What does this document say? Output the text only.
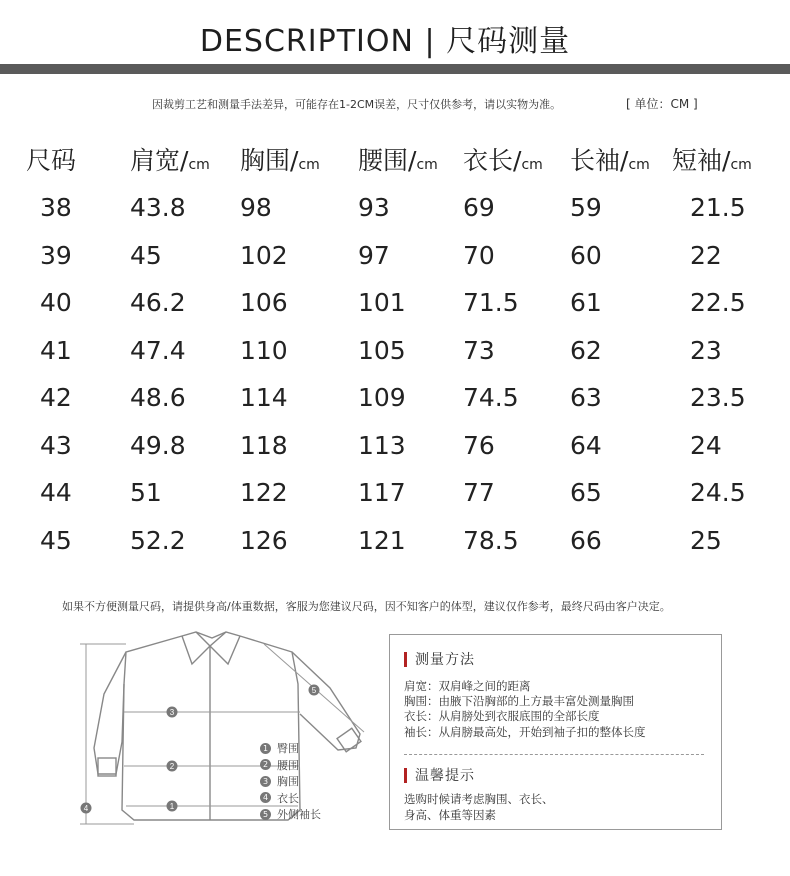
DESCRIPTION | 尺码测量
因裁剪工艺和测量手法差异，可能存在1-2CM误差，尺寸仅供参考，请以实物为准。	[ 单位：CM ]
尺码	肩宽/cm	胸围/cm	腰围/cm	衣长/cm	长袖/cm	短袖/cm
38	43.8	98	93	69	59	21.5
39	45	102	97	70	60	22
40	46.2	106	101	71.5	61	22.5
41	47.4	110	105	73	62	23
42	48.6	114	109	74.5	63	23.5
43	49.8	118	113	76	64	24
44	51	122	117	77	65	24.5
45	52.2	126	121	78.5	66	25
如果不方便测量尺码，请提供身高/体重数据，客服为您建议尺码，因不知客户的体型，建议仅作参考，最终尺码由客户决定。
1
2
3
4
5
1 臀围
2 腰围
3 胸围
4 衣长
5 外侧袖长
测量方法
肩宽：双肩峰之间的距离
胸围：由腋下沿胸部的上方最丰富处测量胸围
衣长：从肩膀处到衣服底围的全部长度
袖长：从肩膀最高处，开始到袖子扣的整体长度
温馨提示
选购时候请考虑胸围、衣长、
身高、体重等因素
